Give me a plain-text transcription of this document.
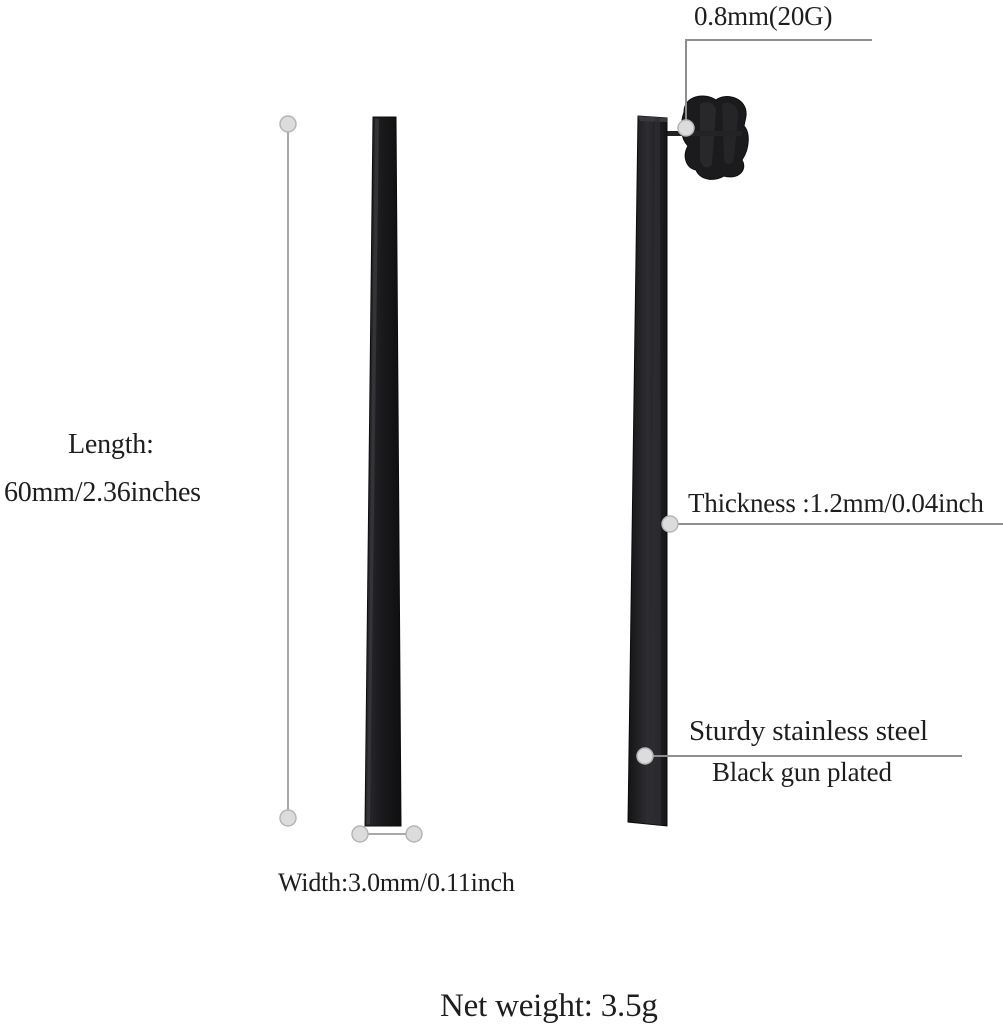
Length:
60mm/2.36inches
0.8mm(20G)
Thickness :1.2mm/0.04inch
Sturdy stainless steel
Black gun plated
Width:3.0mm/0.11inch
Net weight: 3.5g
